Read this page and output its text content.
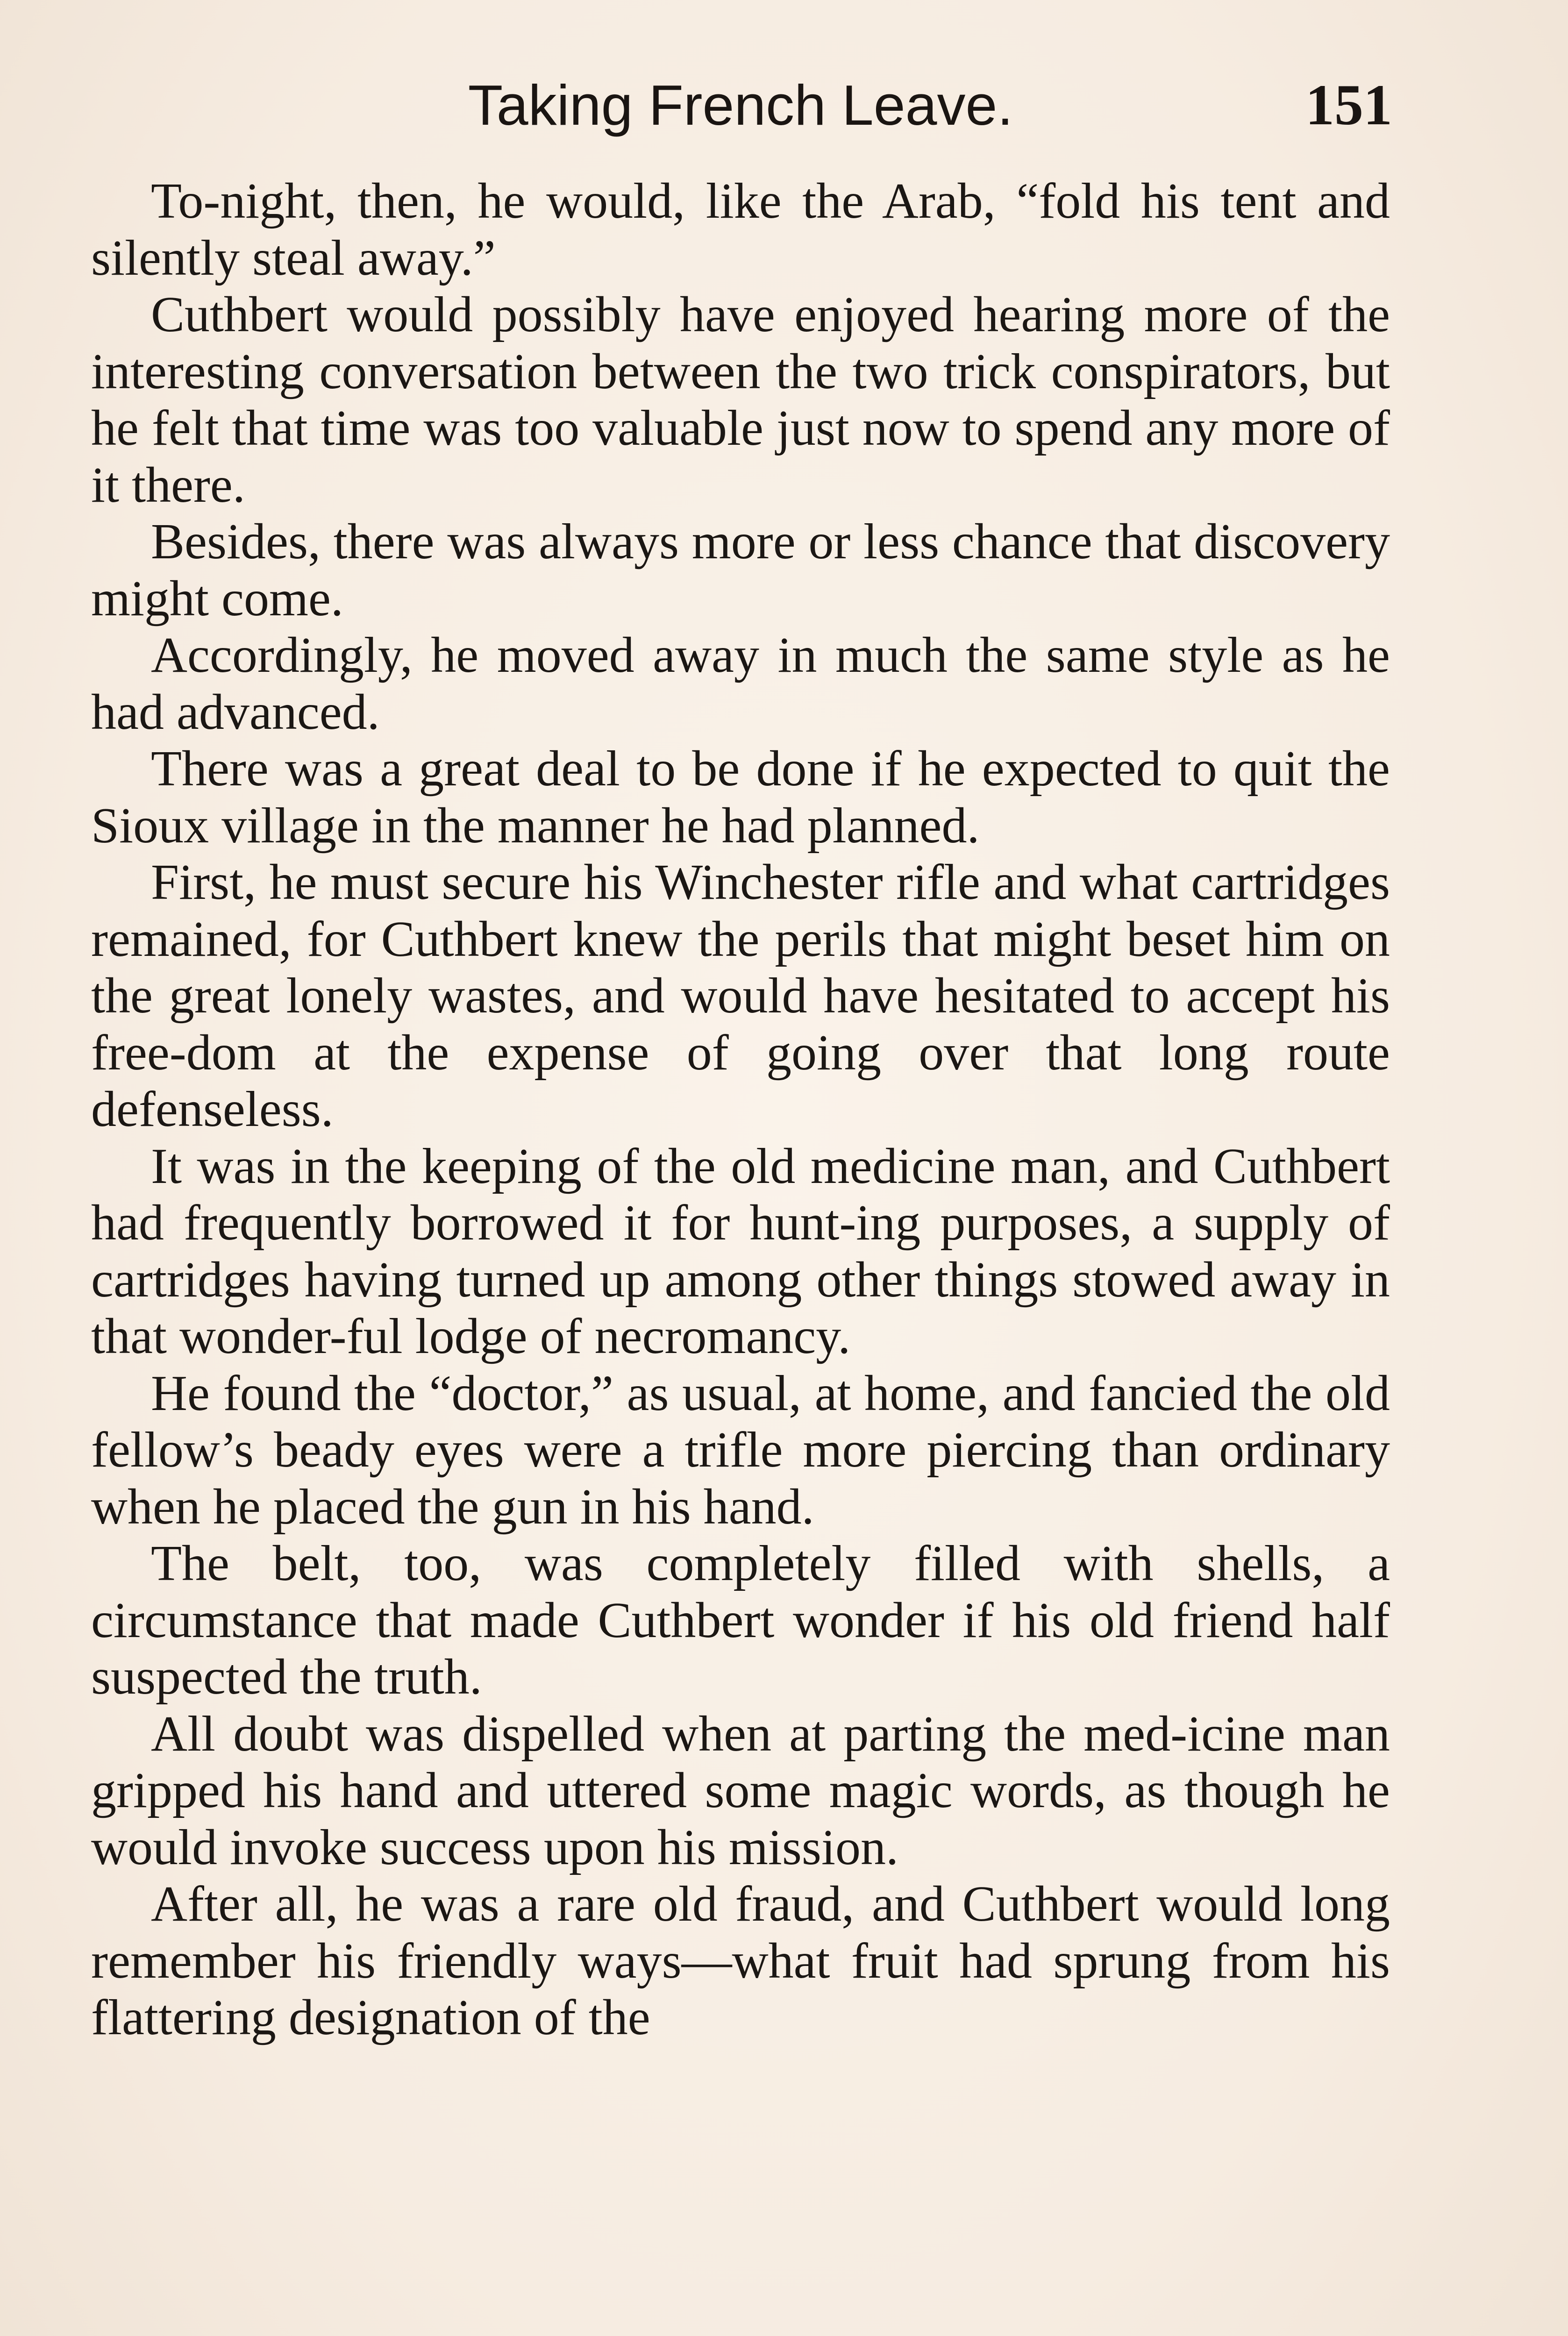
Taking French Leave.	151

To-night, then, he would, like the Arab, “fold his tent and silently steal away.”

Cuthbert would possibly have enjoyed hearing more of the interesting conversation between the two trick conspirators, but he felt that time was too valuable just now to spend any more of it there.

Besides, there was always more or less chance that discovery might come.

Accordingly, he moved away in much the same style as he had advanced.

There was a great deal to be done if he expected to quit the Sioux village in the manner he had planned.

First, he must secure his Winchester rifle and what cartridges remained, for Cuthbert knew the perils that might beset him on the great lonely wastes, and would have hesitated to accept his free-dom at the expense of going over that long route defenseless.

It was in the keeping of the old medicine man, and Cuthbert had frequently borrowed it for hunt-ing purposes, a supply of cartridges having turned up among other things stowed away in that wonder-ful lodge of necromancy.

He found the “doctor,” as usual, at home, and fancied the old fellow’s beady eyes were a trifle more piercing than ordinary when he placed the gun in his hand.

The belt, too, was completely filled with shells, a circumstance that made Cuthbert wonder if his old friend half suspected the truth.

All doubt was dispelled when at parting the med-icine man gripped his hand and uttered some magic words, as though he would invoke success upon his mission.

After all, he was a rare old fraud, and Cuthbert would long remember his friendly ways—what fruit had sprung from his flattering designation of the
